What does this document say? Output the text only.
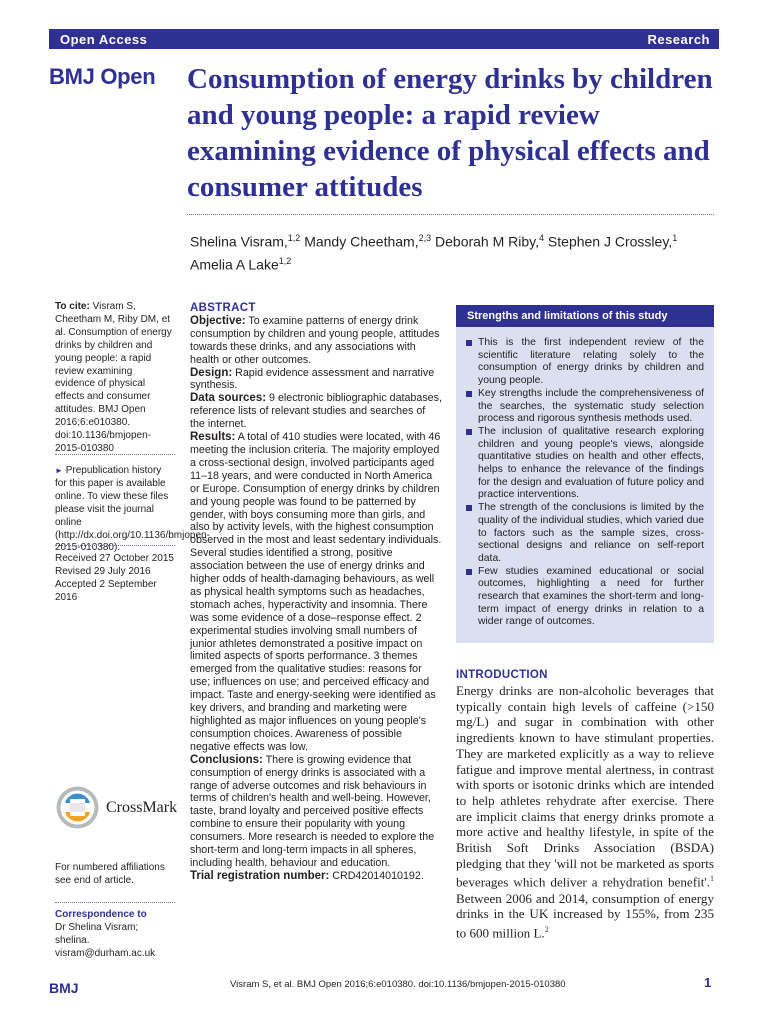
Open Access	Research
BMJ Open Consumption of energy drinks by children and young people: a rapid review examining evidence of physical effects and consumer attitudes
Shelina Visram,$^{1,2}$ Mandy Cheetham,$^{2,3}$ Deborah M Riby,$^4$ Stephen J Crossley,$^1$
Amelia A Lake$^{1,2}$
To cite: Visram S, Cheetham M, Riby DM, et al. Consumption of energy drinks by children and young people: a rapid review examining evidence of physical effects and consumer attitudes. BMJ Open 2016;6:e010380. doi:10.1136/bmjopen-2015-010380
► Prepublication history for this paper is available online. To view these files please visit the journal online (http://dx.doi.org/10.1136/bmjopen-2015-010380).
Received 27 October 2015
Revised 29 July 2016
Accepted 2 September 2016
CrossMark
For numbered affiliations see end of article.
Correspondence to
Dr Shelina Visram; shelina.
visram@durham.ac.uk
ABSTRACT

Objective: To examine patterns of energy drink consumption by children and young people, attitudes towards these drinks, and any associations with health or other outcomes.

Design: Rapid evidence assessment and narrative synthesis.

Data sources: 9 electronic bibliographic databases, reference lists of relevant studies and searches of the internet.

Results: A total of 410 studies were located, with 46 meeting the inclusion criteria. The majority employed a cross-sectional design, involved participants aged 11–18 years, and were conducted in North America or Europe. Consumption of energy drinks by children and young people was found to be patterned by gender, with boys consuming more than girls, and also by activity levels, with the highest consumption observed in the most and least sedentary individuals. Several studies identified a strong, positive association between the use of energy drinks and higher odds of health-damaging behaviours, as well as physical health symptoms such as headaches, stomach aches, hyperactivity and insomnia. There was some evidence of a dose–response effect. 2 experimental studies involving small numbers of junior athletes demonstrated a positive impact on limited aspects of sports performance. 3 themes emerged from the qualitative studies: reasons for use; influences on use; and perceived efficacy and impact. Taste and energy-seeking were identified as key drivers, and branding and marketing were highlighted as major influences on young people's consumption choices. Awareness of possible negative effects was low.

Conclusions: There is growing evidence that consumption of energy drinks is associated with a range of adverse outcomes and risk behaviours in terms of children's health and well-being. However, taste, brand loyalty and perceived positive effects combine to ensure their popularity with young consumers. More research is needed to explore the short-term and long-term impacts in all spheres, including health, behaviour and education.

Trial registration number: CRD42014010192.

Strengths and limitations of this study
This is the first independent review of the scientific literature relating solely to the consumption of energy drinks by children and young people.
Key strengths include the comprehensiveness of the searches, the systematic study selection process and rigorous synthesis methods used.
The inclusion of qualitative research exploring children and young people's views, alongside quantitative studies on health and other effects, helps to enhance the relevance of the findings for the design and evaluation of future policy and practice interventions.
The strength of the conclusions is limited by the quality of the individual studies, which varied due to factors such as the sample sizes, cross-sectional designs and reliance on self-report data.
Few studies examined educational or social outcomes, highlighting a need for further research that examines the short-term and long-term impact of energy drinks in relation to a wider range of outcomes.
INTRODUCTION
Energy drinks are non-alcoholic beverages that typically contain high levels of caffeine (>150 mg/L) and sugar in combination with other ingredients known to have stimulant properties. They are marketed explicitly as a way to relieve fatigue and improve mental alertness, in contrast with sports or isotonic drinks which are intended to help athletes rehydrate after exercise. There are implicit claims that energy drinks promote a more active and healthy lifestyle, in spite of the British Soft Drinks Association (BSDA) pledging that they 'will not be marketed as sports beverages which deliver a rehydration benefit'.$^1$ Between 2006 and 2014, consumption of energy drinks in the UK increased by 155%, from 235 to 600 million L.$^2$
BMJ	Visram S, et al. BMJ Open 2016;6:e010380. doi:10.1136/bmjopen-2015-010380	1
